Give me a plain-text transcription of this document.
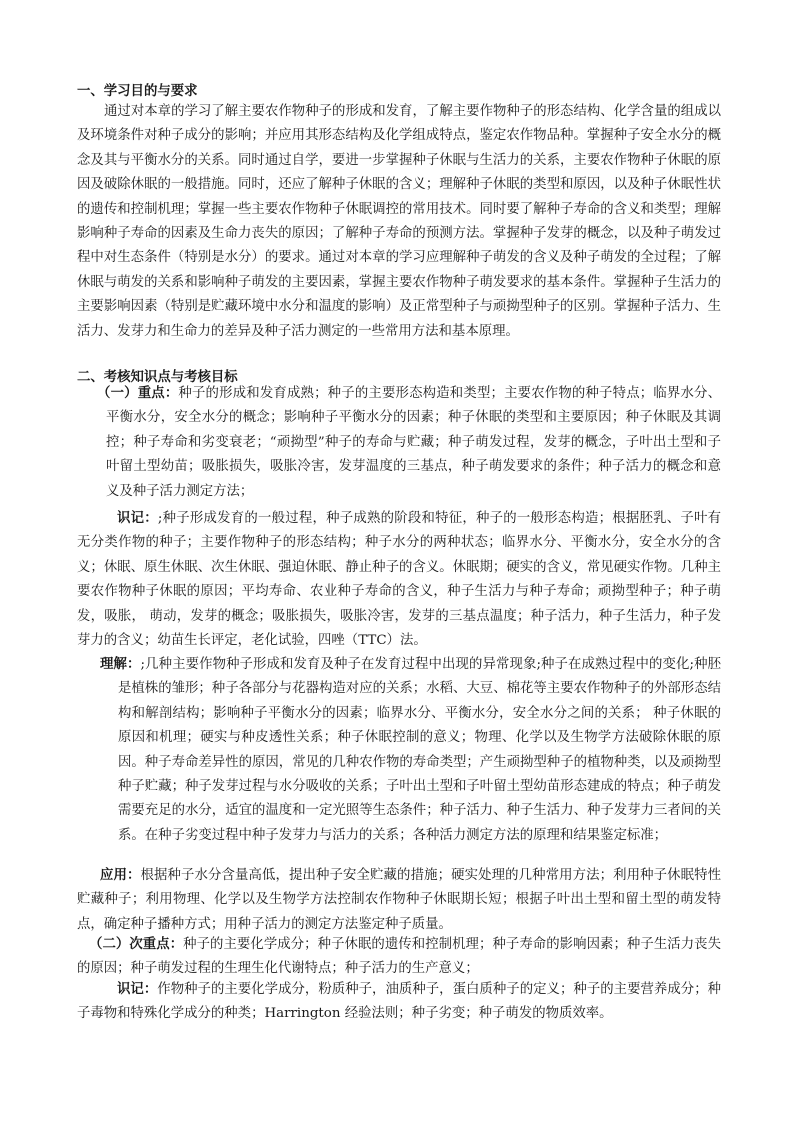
一、学习目的与要求
通过对本章的学习了解主要农作物种子的形成和发育，了解主要作物种子的形态结构、化学含量的组成以及环境条件对种子成分的影响；并应用其形态结构及化学组成特点，鉴定农作物品种。掌握种子安全水分的概念及其与平衡水分的关系。同时通过自学，要进一步掌握种子休眠与生活力的关系，主要农作物种子休眠的原因及破除休眠的一般措施。同时，还应了解种子休眠的含义；理解种子休眠的类型和原因，以及种子休眠性状的遗传和控制机理；掌握一些主要农作物种子休眠调控的常用技术。同时要了解种子寿命的含义和类型；理解影响种子寿命的因素及生命力丧失的原因；了解种子寿命的预测方法。掌握种子发芽的概念，以及种子萌发过程中对生态条件（特别是水分）的要求。通过对本章的学习应理解种子萌发的含义及种子萌发的全过程；了解休眠与萌发的关系和影响种子萌发的主要因素，掌握主要农作物种子萌发要求的基本条件。掌握种子生活力的主要影响因素（特别是贮藏环境中水分和温度的影响）及正常型种子与顽拗型种子的区别。掌握种子活力、生活力、发芽力和生命力的差异及种子活力测定的一些常用方法和基本原理。
二、考核知识点与考核目标
（一）重点：种子的形成和发育成熟；种子的主要形态构造和类型；主要农作物的种子特点；临界水分、平衡水分，安全水分的概念；影响种子平衡水分的因素；种子休眠的类型和主要原因；种子休眠及其调控；种子寿命和劣变衰老；“顽拗型”种子的寿命与贮藏；种子萌发过程，发芽的概念，子叶出土型和子叶留土型幼苗；吸胀损失，吸胀冷害，发芽温度的三基点，种子萌发要求的条件；种子活力的概念和意义及种子活力测定方法；
识记：;种子形成发育的一般过程，种子成熟的阶段和特征，种子的一般形态构造；根据胚乳、子叶有无分类作物的种子；主要作物种子的形态结构；种子水分的两种状态；临界水分、平衡水分，安全水分的含义；休眠、原生休眠、次生休眠、强迫休眠、静止种子的含义。休眠期；硬实的含义，常见硬实作物。几种主要农作物种子休眠的原因；平均寿命、农业种子寿命的含义，种子生活力与种子寿命；顽拗型种子；种子萌发，吸胀， 萌动，发芽的概念；吸胀损失，吸胀冷害，发芽的三基点温度；种子活力，种子生活力，种子发芽力的含义；幼苗生长评定，老化试验，四唑（TTC）法。
理解：;几种主要作物种子形成和发育及种子在发育过程中出现的异常现象;种子在成熟过程中的变化;种胚是植株的雏形；种子各部分与花器构造对应的关系；水稻、大豆、棉花等主要农作物种子的外部形态结构和解剖结构；影响种子平衡水分的因素；临界水分、平衡水分，安全水分之间的关系； 种子休眠的原因和机理；硬实与种皮透性关系；种子休眠控制的意义；物理、化学以及生物学方法破除休眠的原因。种子寿命差异性的原因，常见的几种农作物的寿命类型；产生顽拗型种子的植物种类，以及顽拗型种子贮藏；种子发芽过程与水分吸收的关系；子叶出土型和子叶留土型幼苗形态建成的特点；种子萌发需要充足的水分，适宜的温度和一定光照等生态条件；种子活力、种子生活力、种子发芽力三者间的关系。在种子劣变过程中种子发芽力与活力的关系；各种活力测定方法的原理和结果鉴定标准；
应用：根据种子水分含量高低，提出种子安全贮藏的措施；硬实处理的几种常用方法；利用种子休眠特性贮藏种子；利用物理、化学以及生物学方法控制农作物种子休眠期长短；根据子叶出土型和留土型的萌发特点，确定种子播种方式；用种子活力的测定方法鉴定种子质量。
（二）次重点：种子的主要化学成分；种子休眠的遗传和控制机理；种子寿命的影响因素；种子生活力丧失的原因；种子萌发过程的生理生化代谢特点；种子活力的生产意义；
识记：作物种子的主要化学成分，粉质种子，油质种子，蛋白质种子的定义；种子的主要营养成分；种子毒物和特殊化学成分的种类；Harrington 经验法则；种子劣变；种子萌发的物质效率。
